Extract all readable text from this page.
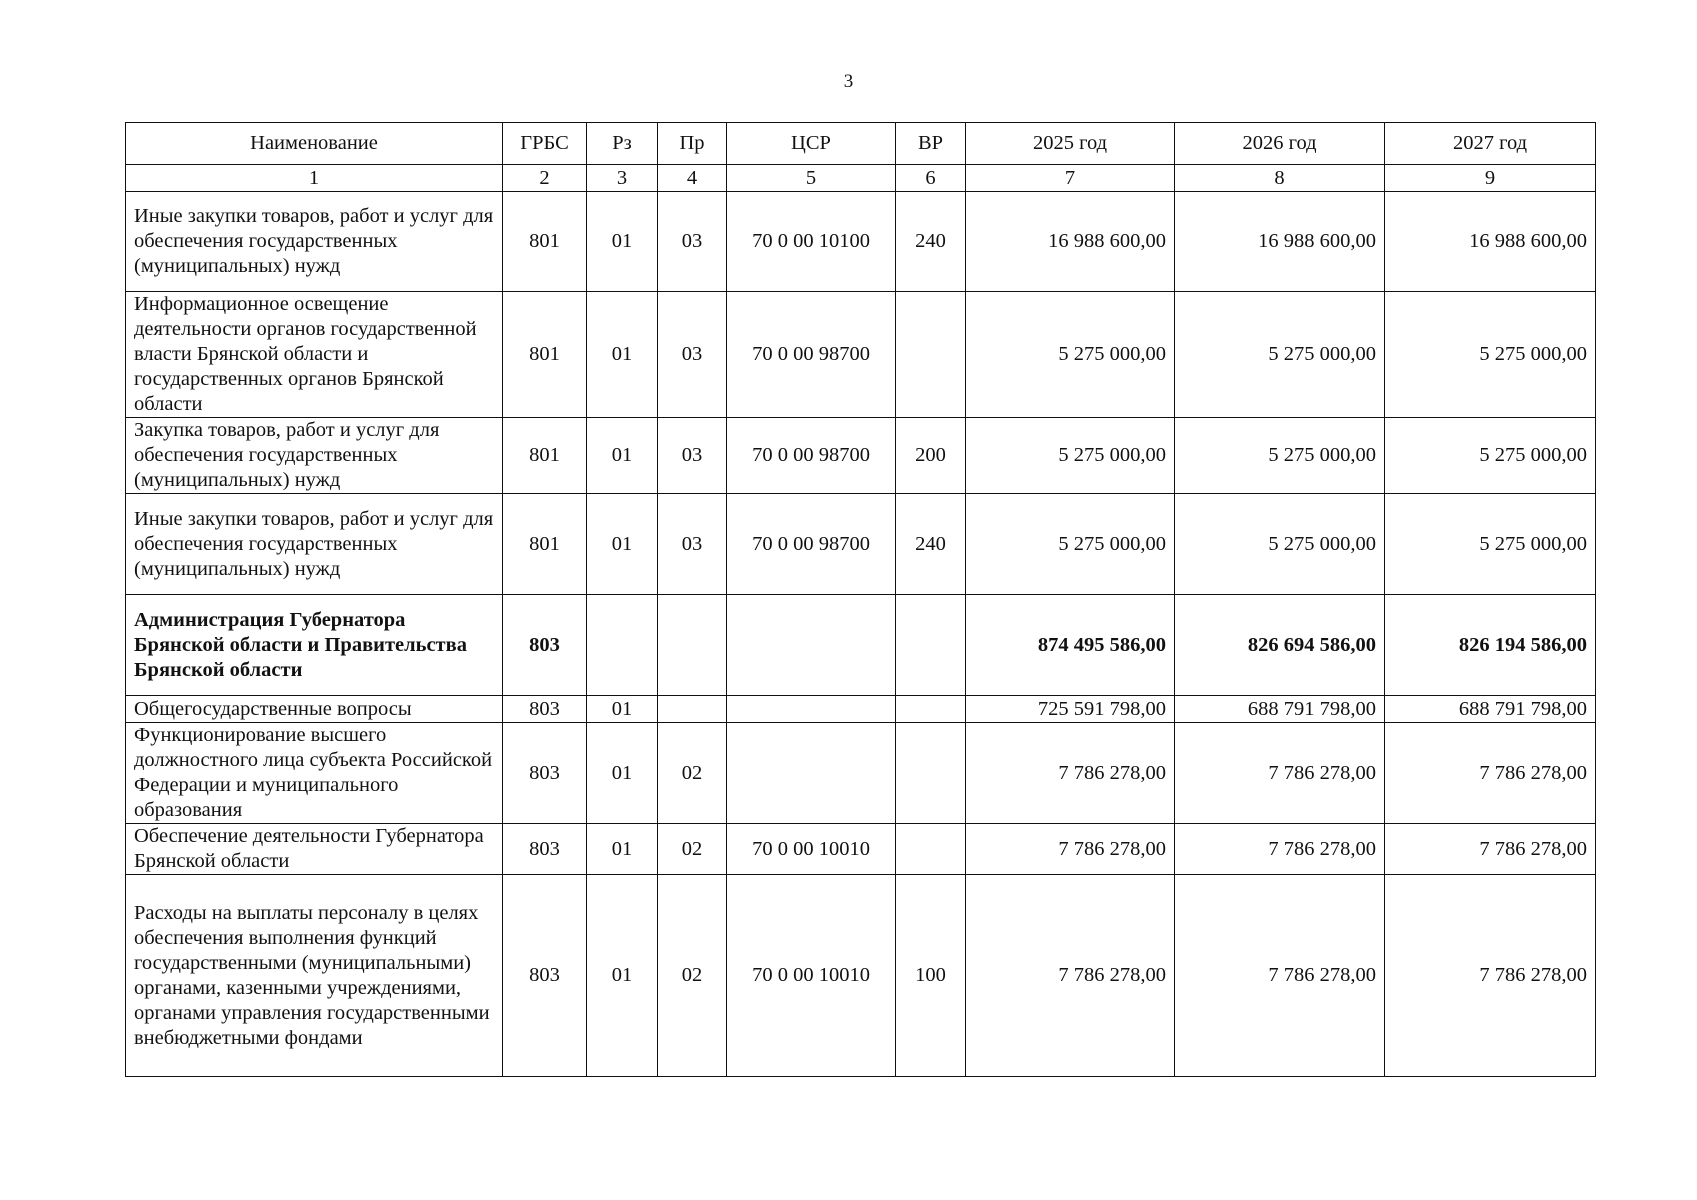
3
Наименование	ГРБС	Рз	Пр	ЦСР	ВР	2025 год	2026 год	2027 год
1	2	3	4	5	6	7	8	9
Иные закупки товаров, работ и услуг для обеспечения государственных (муниципальных) нужд	801	01	03	70 0 00 10100	240	16 988 600,00	16 988 600,00	16 988 600,00
Информационное освещение деятельности органов государственной власти Брянской области и государственных органов Брянской области	801	01	03	70 0 00 98700		5 275 000,00	5 275 000,00	5 275 000,00
Закупка товаров, работ и услуг для обеспечения государственных (муниципальных) нужд	801	01	03	70 0 00 98700	200	5 275 000,00	5 275 000,00	5 275 000,00
Иные закупки товаров, работ и услуг для обеспечения государственных (муниципальных) нужд	801	01	03	70 0 00 98700	240	5 275 000,00	5 275 000,00	5 275 000,00
Администрация Губернатора Брянской области и Правительства Брянской области	803					874 495 586,00	826 694 586,00	826 194 586,00
Общегосударственные вопросы	803	01				725 591 798,00	688 791 798,00	688 791 798,00
Функционирование высшего должностного лица субъекта Российской Федерации и муниципального образования	803	01	02			7 786 278,00	7 786 278,00	7 786 278,00
Обеспечение деятельности Губернатора Брянской области	803	01	02	70 0 00 10010		7 786 278,00	7 786 278,00	7 786 278,00
Расходы на выплаты персоналу в целях обеспечения выполнения функций государственными (муниципальными) органами, казенными учреждениями, органами управления государственными внебюджетными фондами	803	01	02	70 0 00 10010	100	7 786 278,00	7 786 278,00	7 786 278,00
